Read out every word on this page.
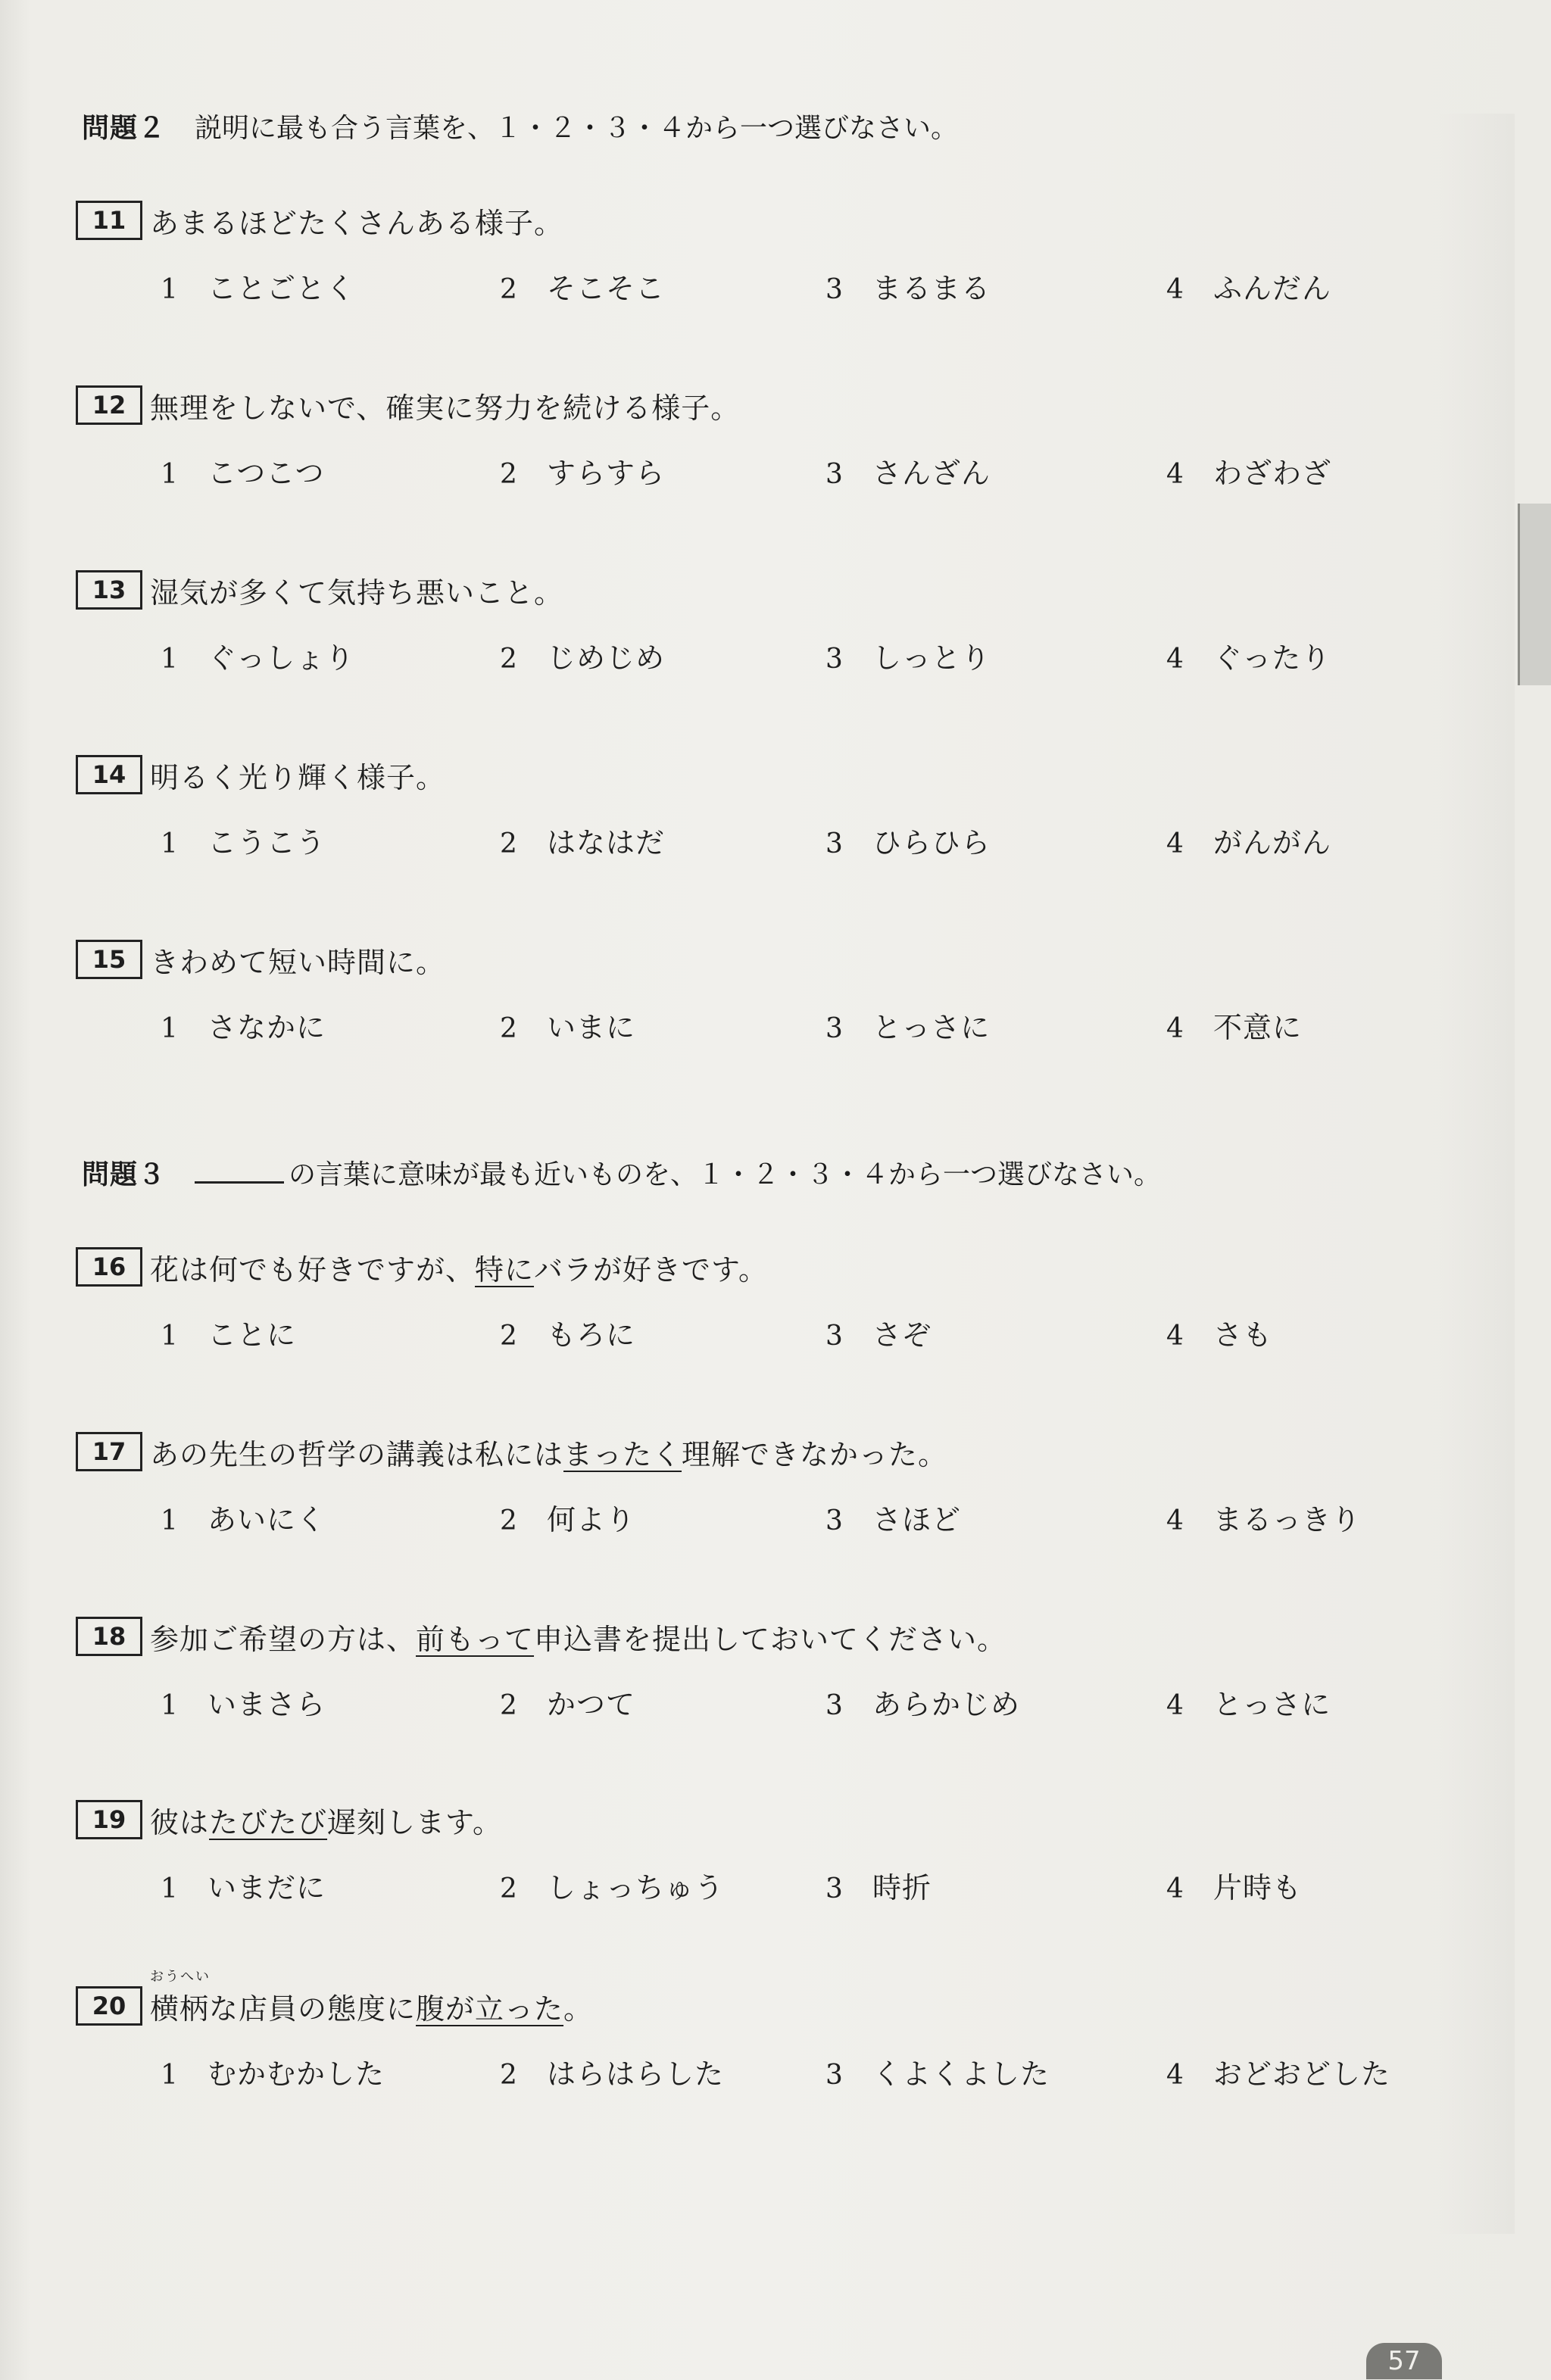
問題２ 説明に最も合う言葉を、１・２・３・４から一つ選びなさい。
問題３	の言葉に意味が最も近いものを、１・２・３・４から一つ選びなさい。
11 あまるほどたくさんある様子。
1 ことごとく	2 そこそこ	3 まるまる	4 ふんだん
12 無理をしないで、確実に努力を続ける様子。
1 こつこつ	2 すらすら	3 さんざん	4 わざわざ
13 湿気が多くて気持ち悪いこと。
1 ぐっしょり	2 じめじめ	3 しっとり	4 ぐったり
14 明るく光り輝く様子。
1 こうこう	2 はなはだ	3 ひらひら	4 がんがん
15 きわめて短い時間に。
1 さなかに	2 いまに	3 とっさに	4 不意に
16 花は何でも好きですが、特にバラが好きです。
1 ことに	2 もろに	3 さぞ	4 さも
17 あの先生の哲学の講義は私にはまったく理解できなかった。
1 あいにく	2 何より	3 さほど	4 まるっきり
18 参加ご希望の方は、前もって申込書を提出しておいてください。
1 いまさら	2 かつて	3 あらかじめ	4 とっさに
19 彼はたびたび遅刻します。
1 いまだに	2 しょっちゅう	3 時折	4 片時も
20
おうへい
横柄な店員の態度に腹が立った。
1 むかむかした	2 はらはらした	3 くよくよした	4 おどおどした
57
